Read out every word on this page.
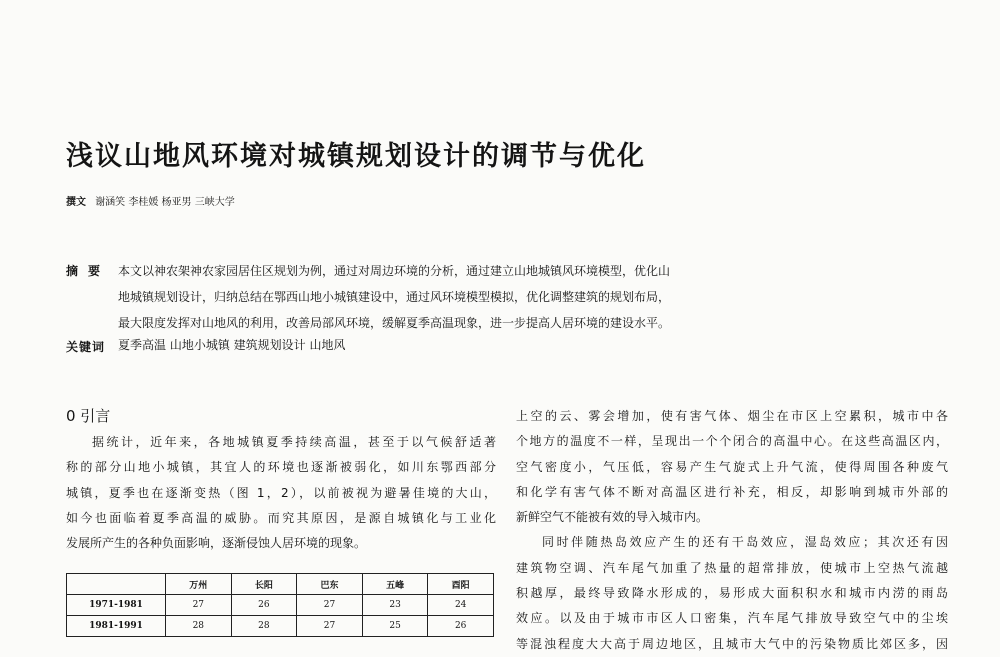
浅议山地风环境对城镇规划设计的调节与优化
撰文 谢涵笑 李桂媛 杨亚男 三峡大学
摘要 本文以神农架神农家园居住区规划为例，通过对周边环境的分析，通过建立山地城镇风环境模型，优化山
地城镇规划设计，归纳总结在鄂西山地小城镇建设中，通过风环境模型模拟，优化调整建筑的规划布局，
最大限度发挥对山地风的利用，改善局部风环境，缓解夏季高温现象，进一步提高人居环境的建设水平。
关键词 夏季高温 山地小城镇 建筑规划设计 山地风
0 引言
据统计，近年来，各地城镇夏季持续高温，甚至于以气候舒适著
称的部分山地小城镇，其宜人的环境也逐渐被弱化，如川东鄂西部分
城镇，夏季也在逐渐变热（图 1，2），以前被视为避暑佳境的大山，
如今也面临着夏季高温的威胁。而究其原因，是源自城镇化与工业化
发展所产生的各种负面影响，逐渐侵蚀人居环境的现象。
	万州	长阳	巴东	五峰	酉阳
1971-1981	27	26	27	23	24
1981-1991	28	28	27	25	26
上空的云、雾会增加，使有害气体、烟尘在市区上空累积，城市中各
个地方的温度不一样，呈现出一个个闭合的高温中心。在这些高温区内，
空气密度小，气压低，容易产生气旋式上升气流，使得周围各种废气
和化学有害气体不断对高温区进行补充，相反，却影响到城市外部的
新鲜空气不能被有效的导入城市内。
同时伴随热岛效应产生的还有干岛效应，湿岛效应；其次还有因
建筑物空调、汽车尾气加重了热量的超常排放，使城市上空热气流越
积越厚，最终导致降水形成的，易形成大面积积水和城市内涝的雨岛
效应。以及由于城市市区人口密集，汽车尾气排放导致空气中的尘埃
等混浊程度大大高于周边地区，且城市大气中的污染物质比郊区多，因
